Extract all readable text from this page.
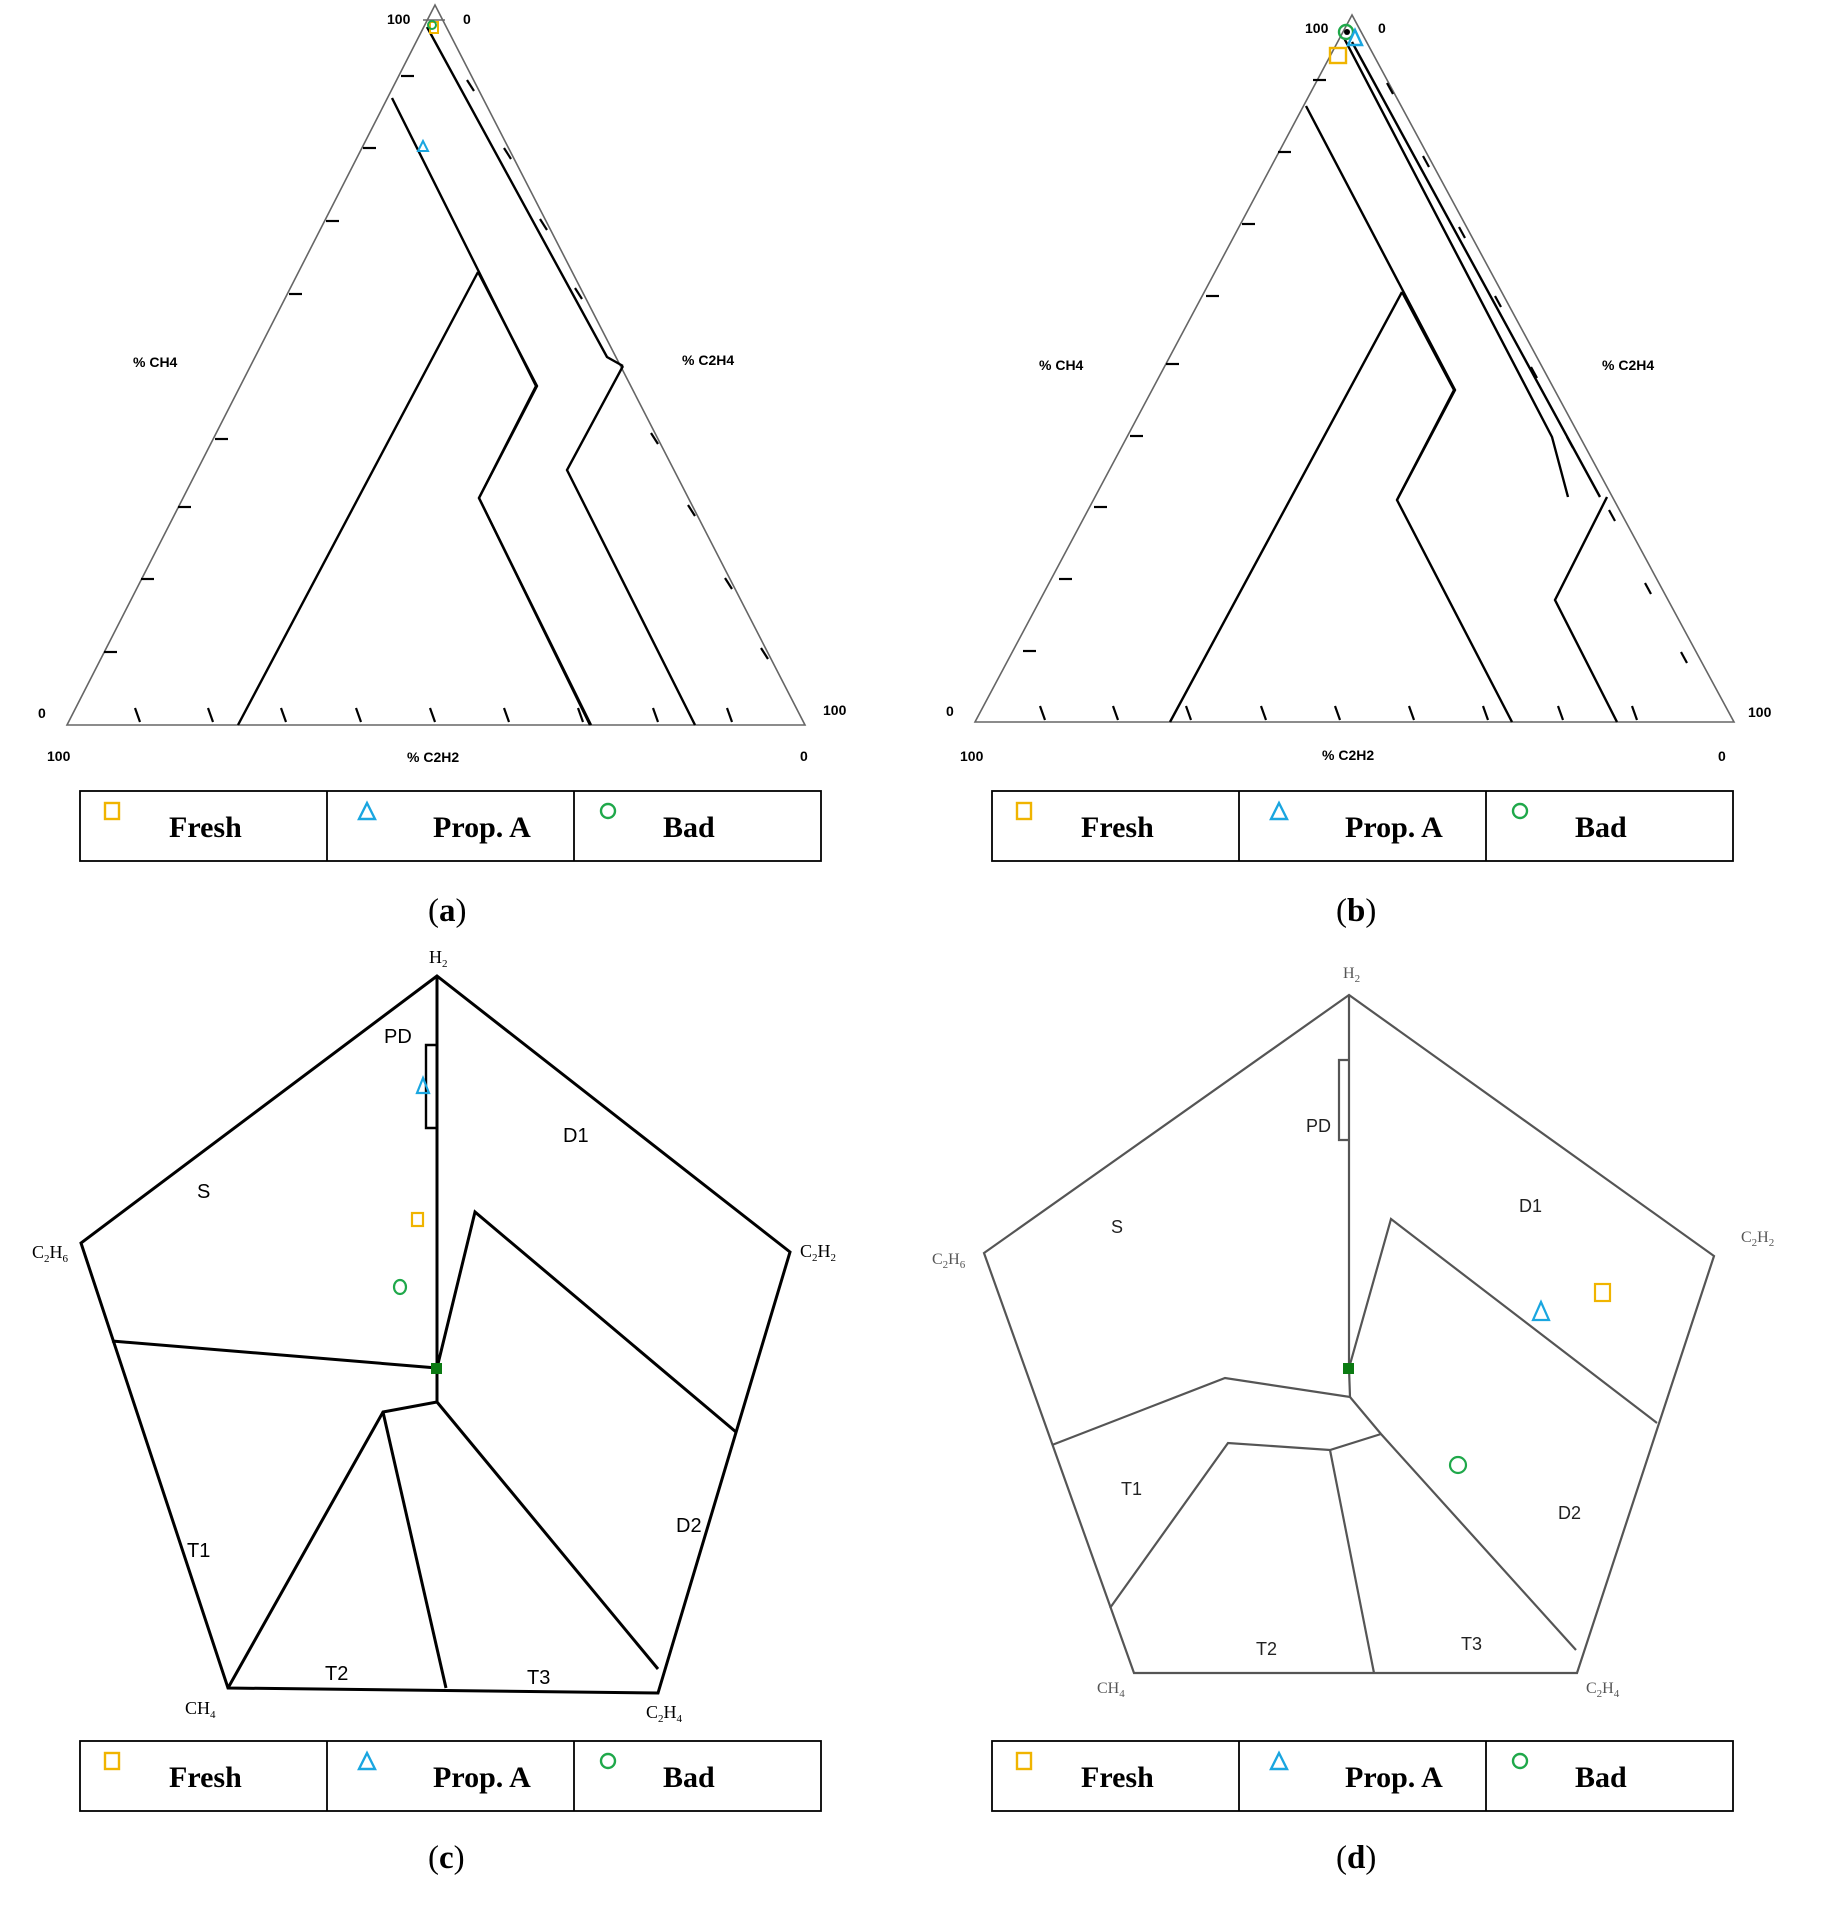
100	0
% CH4	% C2H4
% C2H2
0
100
100
0
100	0
% CH4	% C2H4
% C2H2
0
100
100
0
PD
S
D1
D2
T1
T2	T3
$H_2$
$C_2H_6$	$C_2H_2$
$CH_4$	$C_2H_4$
PD
S
D1
D2
T1
T2	T3
$H_2$
$C_2H_6$
$C_2H_2$
$CH_4$	$C_2H_4$
Fresh	Prop. A	Bad	Fresh	Prop. A	Bad
Fresh	Prop. A	Bad	Fresh	Prop. A	Bad
(a)	(b)
(c)	(d)
